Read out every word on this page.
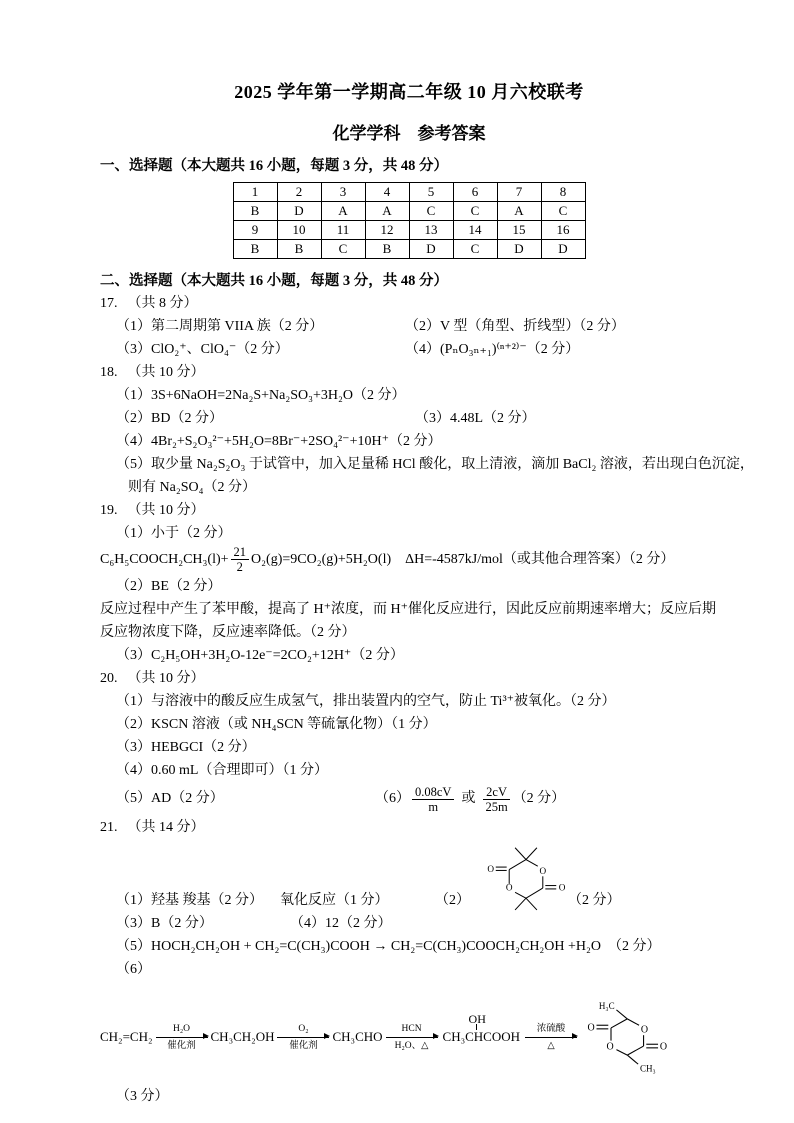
2025 学年第一学期高二年级 10 月六校联考
化学学科　参考答案
一、选择题（本大题共 16 小题，每题 3 分，共 48 分）
1	2	3	4	5	6	7	8
B	D	A	A	C	C	A	C
9	10	11	12	13	14	15	16
B	B	C	B	D	C	D	D
二、选择题（本大题共 16 小题，每题 3 分，共 48 分）
17. （共 8 分）
（1）第二周期第 VIIA 族（2 分）	（2）V 型（角型、折线型）（2 分）
（3）ClO₂⁺、ClO₄⁻（2 分）	（4）(PₙO₃ₙ₊₁)⁽ⁿ⁺²⁾⁻（2 分）
18. （共 10 分）
（1）3S+6NaOH=2Na₂S+Na₂SO₃+3H₂O（2 分）
（2）BD（2 分）	（3）4.48L（2 分）
（4）4Br₂+S₂O₃²⁻+5H₂O=8Br⁻+2SO₄²⁻+10H⁺（2 分）
（5）取少量 Na₂S₂O₃ 于试管中，加入足量稀 HCl 酸化，取上清液，滴加 BaCl₂ 溶液，若出现白色沉淀，
则有 Na₂SO₄（2 分）
19. （共 10 分）
（1）小于（2 分）
C₆H₅COOCH₂CH₃(l)+ $\frac{21}{2} O_2(g)=9CO_2(g)+5H_2O(l)$　ΔH=-4587kJ/mol（或其他合理答案）（2 分）
（2）BE（2 分）
反应过程中产生了苯甲酸，提高了 H⁺浓度，而 H⁺催化反应进行，因此反应前期速率增大；反应后期
反应物浓度下降，反应速率降低。（2 分）
（3）C₂H₅OH+3H₂O-12e⁻=2CO₂+12H⁺（2 分）
20. （共 10 分）
（1）与溶液中的酸反应生成氢气，排出装置内的空气，防止 Ti³⁺被氧化。（2 分）
（2）KSCN 溶液（或 NH₄SCN 等硫氰化物）（1 分）
（3）HEBGCI（2 分）
（4）0.60 mL（合理即可）（1 分）
（5）AD（2 分）	$(6) \frac{0.08cV}{m}$ 或 $\frac{2cV}{25m} (2$ 分）
21. （共 14 分）
O
O
O
O
（1）羟基 羧基（2 分） 氧化反应（1 分）	（2）	（2 分）
（3）B（2 分）	（4）12（2 分）
（5）HOCH₂CH₂OH + CH₂=C(CH₃)COOH → CH₂=C(CH₃)COOCH₂CH₂OH +H₂O　（2 分）
（6）
CH₂=CH₂
H₂O
催化剂
CH₃CH₂OH
O₂
催化剂
CH₃CHO
HCN
H₂O、△
OH
CH₃CHCOOH
浓硫酸
△
O
O
O
O
H₃C
CH₃
（3 分）
